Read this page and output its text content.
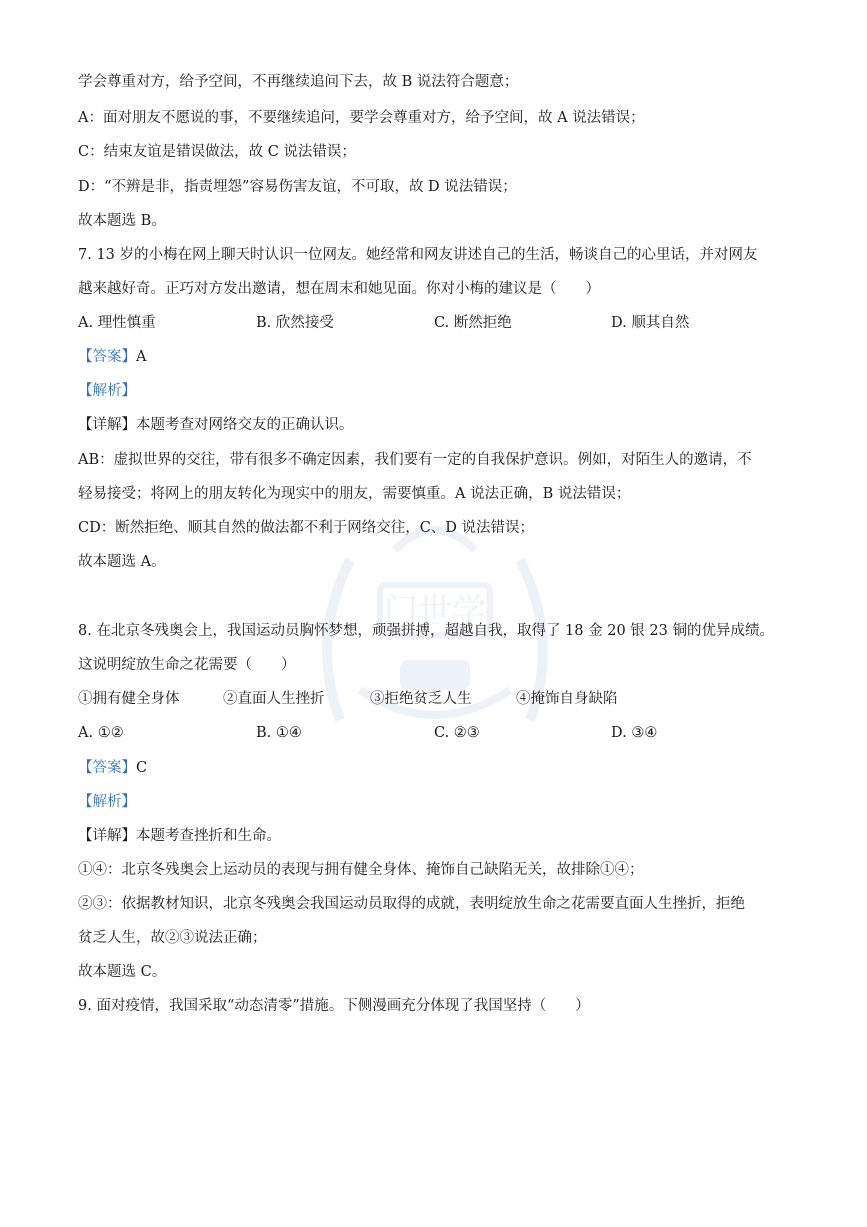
门世学
学会尊重对方，给予空间，不再继续追问下去，故 B 说法符合题意；
A：面对朋友不愿说的事，不要继续追问，要学会尊重对方，给予空间，故 A 说法错误；
C：结束友谊是错误做法，故 C 说法错误；
D：“不辨是非，指责埋怨”容易伤害友谊，不可取，故 D 说法错误；
故本题选 B。
7. 13 岁的小梅在网上聊天时认识一位网友。她经常和网友讲述自己的生活，畅谈自己的心里话，并对网友
越来越好奇。正巧对方发出邀请，想在周末和她见面。你对小梅的建议是（　　）
A. 理性慎重	B. 欣然接受	C. 断然拒绝	D. 顺其自然
【答案】A
【解析】
【详解】本题考查对网络交友的正确认识。
AB：虚拟世界的交往，带有很多不确定因素，我们要有一定的自我保护意识。例如，对陌生人的邀请，不
轻易接受；将网上的朋友转化为现实中的朋友，需要慎重。A 说法正确，B 说法错误；
CD：断然拒绝、顺其自然的做法都不利于网络交往，C、D 说法错误；
故本题选 A。
8. 在北京冬残奥会上，我国运动员胸怀梦想，顽强拼搏，超越自我，取得了 18 金 20 银 23 铜的优异成绩。
这说明绽放生命之花需要（　　）
①拥有健全身体	②直面人生挫折	③拒绝贫乏人生	④掩饰自身缺陷
A. ①②	B. ①④	C. ②③	D. ③④
【答案】C
【解析】
【详解】本题考查挫折和生命。
①④：北京冬残奥会上运动员的表现与拥有健全身体、掩饰自己缺陷无关，故排除①④；
②③：依据教材知识，北京冬残奥会我国运动员取得的成就，表明绽放生命之花需要直面人生挫折，拒绝
贫乏人生，故②③说法正确；
故本题选 C。
9. 面对疫情，我国采取“动态清零”措施。下侧漫画充分体现了我国坚持（　　）
